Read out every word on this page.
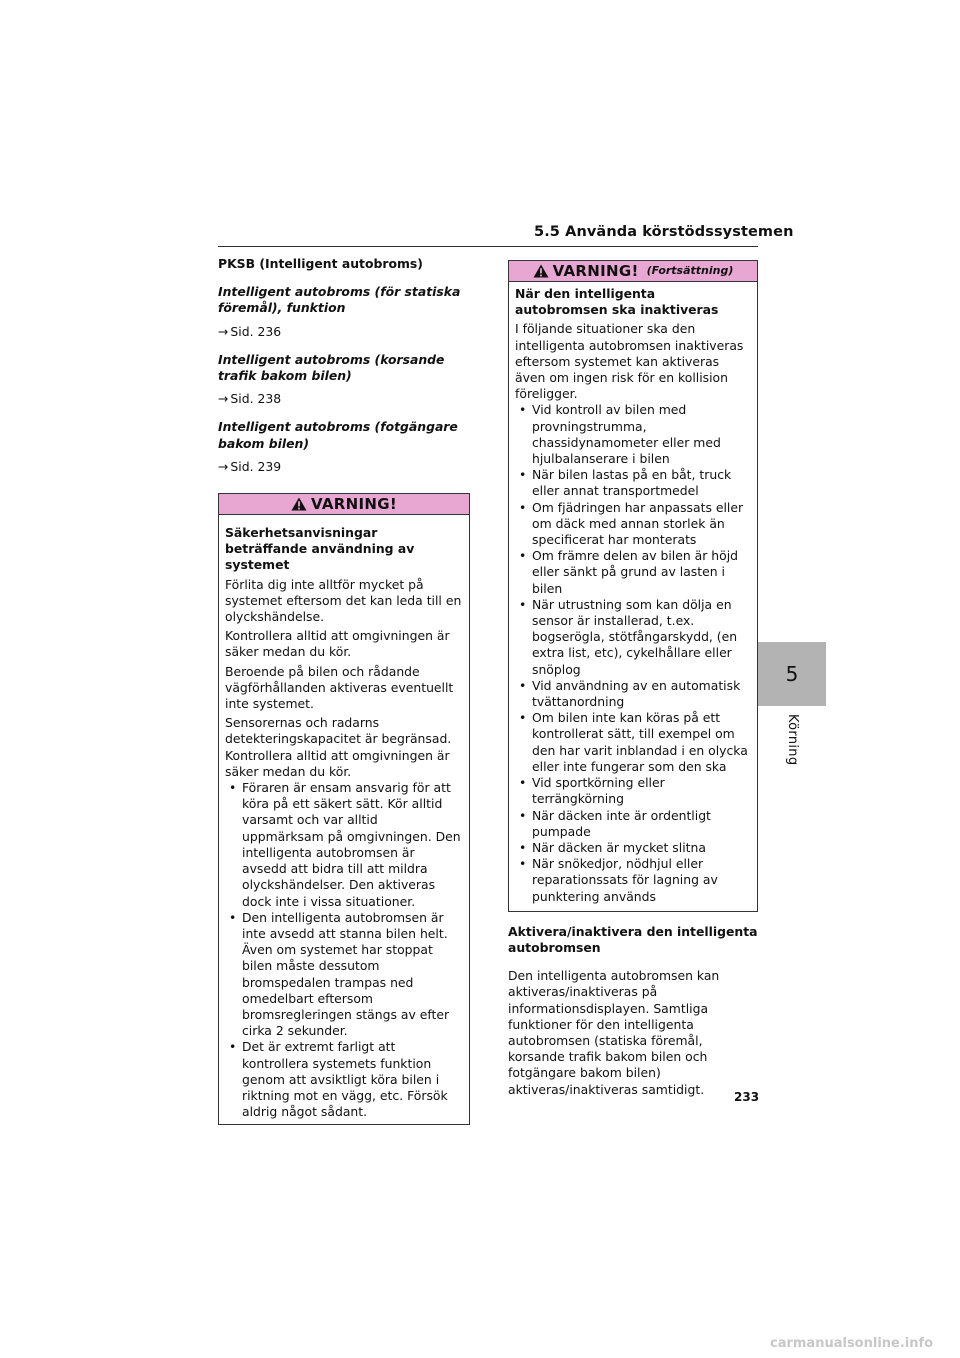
5.5 Använda körstödssystemen

PKSB (Intelligent autobroms)

Intelligent autobroms (för statiska föremål), funktion

→ Sid. 236

Intelligent autobroms (korsande trafik bakom bilen)

→ Sid. 238

Intelligent autobroms (fotgängare bakom bilen)

→ Sid. 239

VARNING!

Säkerhetsanvisningar beträffande användning av systemet

Förlita dig inte alltför mycket på systemet eftersom det kan leda till en olyckshändelse.

Kontrollera alltid att omgivningen är säker medan du kör.

Beroende på bilen och rådande vägförhållanden aktiveras eventuellt inte systemet.

Sensorernas och radarns detekteringskapacitet är begränsad. Kontrollera alltid att omgivningen är säker medan du kör.

• Föraren är ensam ansvarig för att köra på ett säkert sätt. Kör alltid varsamt och var alltid uppmärksam på omgivningen. Den intelligenta autobromsen är avsedd att bidra till att mildra olyckshändelser. Den aktiveras dock inte i vissa situationer.
• Den intelligenta autobromsen är inte avsedd att stanna bilen helt. Även om systemet har stoppat bilen måste dessutom bromspedalen trampas ned omedelbart eftersom bromsregleringen stängs av efter cirka 2 sekunder.
• Det är extremt farligt att kontrollera systemets funktion genom att avsiktligt köra bilen i riktning mot en vägg, etc. Försök aldrig något sådant.
VARNING! (Fortsättning)

När den intelligenta autobromsen ska inaktiveras

I följande situationer ska den intelligenta autobromsen inaktiveras eftersom systemet kan aktiveras även om ingen risk för en kollision föreligger.

• Vid kontroll av bilen med provningstrumma, chassidynamometer eller med hjulbalanserare i bilen
• När bilen lastas på en båt, truck eller annat transportmedel
• Om fjädringen har anpassats eller om däck med annan storlek än specificerat har monterats
• Om främre delen av bilen är höjd eller sänkt på grund av lasten i bilen
• När utrustning som kan dölja en sensor är installerad, t.ex. bogserögla, stötfångarskydd, (en extra list, etc), cykelhållare eller snöplog
• Vid användning av en automatisk tvättanordning
• Om bilen inte kan köras på ett kontrollerat sätt, till exempel om den har varit inblandad i en olycka eller inte fungerar som den ska
• Vid sportkörning eller terrängkörning
• När däcken inte är ordentligt pumpade
• När däcken är mycket slitna
• När snökedjor, nödhjul eller reparationssats för lagning av punktering används

Aktivera/inaktivera den intelligenta autobromsen

Den intelligenta autobromsen kan aktiveras/inaktiveras på informationsdisplayen. Samtliga funktioner för den intelligenta autobromsen (statiska föremål, korsande trafik bakom bilen och fotgängare bakom bilen) aktiveras/inaktiveras samtidigt.

5
Körning
233
carmanualsonline.info
